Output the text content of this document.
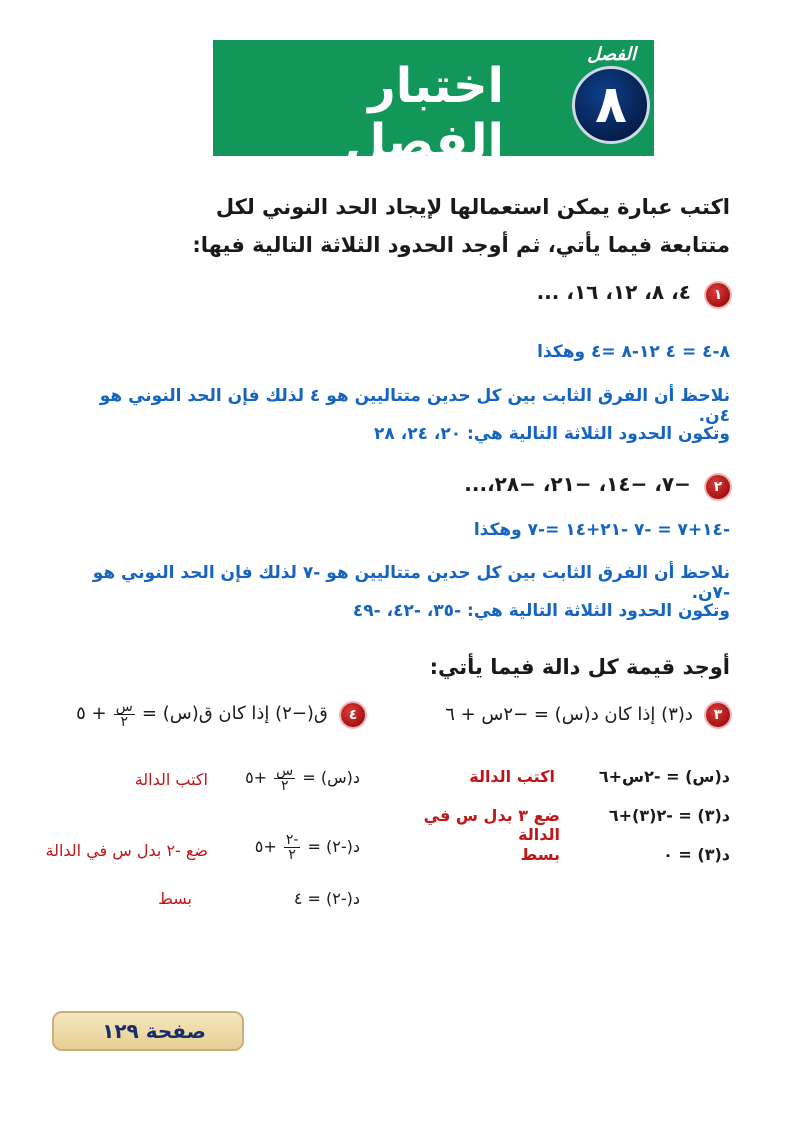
٨
الفصل
اختبار الفصل
اكتب عبارة يمكن استعمالها لإيجاد الحد النوني لكل
متتابعة فيما يأتي، ثم أوجد الحدود الثلاثة التالية فيها:
١ ٤، ٨، ١٢، ١٦، ...
٨-٤ = ٤ ١٢-٨ =٤ وهكذا
نلاحظ أن الفرق الثابت بين كل حدين متتاليين هو ٤ لذلك فإن الحد النوني هو ٤ن.
وتكون الحدود الثلاثة التالية هي: ٢٠، ٢٤، ٢٨
٢ −٧، −١٤، −٢١، −٢٨،...
-١٤+٧ = -٧ -٢١+١٤ =-٧ وهكذا
نلاحظ أن الفرق الثابت بين كل حدين متتاليين هو -٧ لذلك فإن الحد النوني هو -٧ن.
وتكون الحدود الثلاثة التالية هي: -٣٥، -٤٢، -٤٩
أوجد قيمة كل دالة فيما يأتي:
٣ د(٣) إذا كان د(س) = −٢س + ٦
٤ ق(−٢) إذا كان ق(س) =
$\frac{\text{س}}{٢}$
+ ٥
د(س) = -٢س+٦
اكتب الدالة
د(٣) = -٢(٣)+٦
ضع ٣ بدل س في الدالة
د(٣) = ٠
بسط
د(س) =
$\frac{\text{س}}{٢}$
+٥
اكتب الدالة
د(-٢) =
$\frac{-٢}{٢}$
+٥
ضع -٢ بدل س في الدالة
د(-٢) = ٤
بسط
صفحة ١٢٩
